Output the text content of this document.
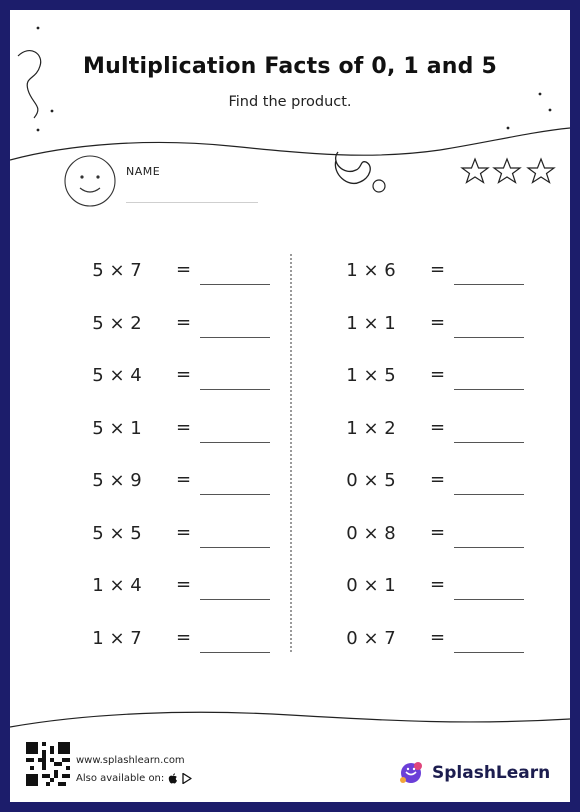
Multiplication Facts of 0, 1 and 5
Find the product.
NAME
5 × 7	=
5 × 2	=
5 × 4	=
5 × 1	=
5 × 9	=
5 × 5	=
1 × 4	=
1 × 7	=
1 × 6	=
1 × 1	=
1 × 5	=
1 × 2	=
0 × 5	=
0 × 8	=
0 × 1	=
0 × 7	=
www.splashlearn.com
Also available on:	SplashLearn
